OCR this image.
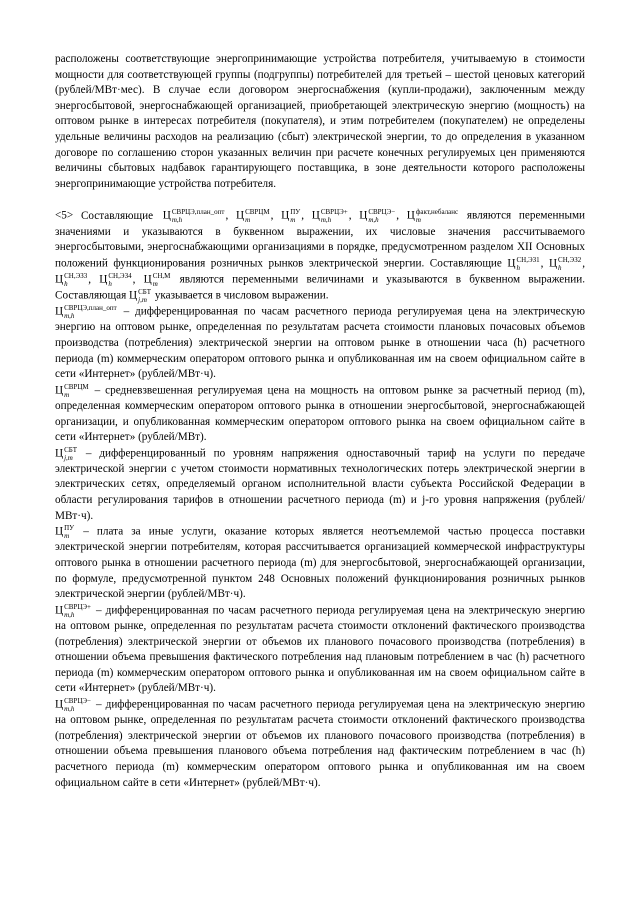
расположены соответствующие энергопринимающие устройства потребителя, учитываемую в стоимости мощности для соответствующей группы (подгруппы) потребителей для третьей – шестой ценовых категорий (рублей/МВт·мес). В случае если договором энергоснабжения (купли-продажи), заключенным между энергосбытовой, энергоснабжающей организацией, приобретающей электрическую энергию (мощность) на оптовом рынке в интересах потребителя (покупателя), и этим потребителем (покупателем) не определены удельные величины расходов на реализацию (сбыт) электрической энергии, то до определения в указанном договоре по соглашению сторон указанных величин при расчете конечных регулируемых цен применяются величины сбытовых надбавок гарантирующего поставщика, в зоне деятельности которого расположены энергопринимающие устройства потребителя.

<5> Составляющие Ц СВРЦЭ,план_опт
m,h	, Ц СВРЦМ
m	, Ц ПУ
m , Ц СВРЦЭ+
m,h	, Ц СВРЦЭ−
m,h	, Ц факт,небаланс
m	являются переменными значениями и указываются в буквенном выражении, их числовые значения рассчитываемого энергосбытовыми, энергоснабжающими организациями в порядке, предусмотренном разделом XII Основных положений функционирования розничных рынков электрической энергии. Составляющие Ц СН,ЭЗ1
h	, Ц СН,ЭЗ2
h	, Ц СН,ЭЗ3
h	, Ц СН,ЭЗ4
h	, Ц СН,М
m	являются переменными величинами и указываются в буквенном выражении. Составляющая Ц СБТ
j,m указывается в числовом выражении.

Ц СВРЦЭ,план_опт
m,h	– дифференцированная по часам расчетного периода регулируемая цена на электрическую энергию на оптовом рынке, определенная по результатам расчета стоимости плановых почасовых объемов производства (потребления) электрической энергии на оптовом рынке в отношении часа (h) расчетного периода (m) коммерческим оператором оптового рынка и опубликованная им на своем официальном сайте в сети «Интернет» (рублей/МВт·ч).

Ц СВРЦМ
m	– средневзвешенная регулируемая цена на мощность на оптовом рынке за расчетный период (m), определенная коммерческим оператором оптового рынка в отношении энергосбытовой, энергоснабжающей организации, и опубликованная коммерческим оператором оптового рынка на своем официальном сайте в сети «Интернет» (рублей/МВт).

Ц СБТ
j,m	– дифференцированный по уровням напряжения одноставочный тариф на услуги по передаче электрической энергии с учетом стоимости нормативных технологических потерь электрической энергии в электрических сетях, определяемый органом исполнительной власти субъекта Российской Федерации в области регулирования тарифов в отношении расчетного периода (m) и j-го уровня напряжения (рублей/МВт·ч).

Ц ПУ
m	– плата за иные услуги, оказание которых является неотъемлемой частью процесса поставки электрической энергии потребителям, которая рассчитывается организацией коммерческой инфраструктуры оптового рынка в отношении расчетного периода (m) для энергосбытовой, энергоснабжающей организации, по формуле, предусмотренной пунктом 248 Основных положений функционирования розничных рынков электрической энергии (рублей/МВт·ч).

Ц СВРЦЭ+
m,h	– дифференцированная по часам расчетного периода регулируемая цена на электрическую энергию на оптовом рынке, определенная по результатам расчета стоимости отклонений фактического производства (потребления) электрической энергии от объемов их планового почасового производства (потребления) в отношении объема превышения фактического потребления над плановым потреблением в час (h) расчетного периода (m) коммерческим оператором оптового рынка и опубликованная им на своем официальном сайте в сети «Интернет» (рублей/МВт·ч).

Ц СВРЦЭ−
m,h	– дифференцированная по часам расчетного периода регулируемая цена на электрическую энергию на оптовом рынке, определенная по результатам расчета стоимости отклонений фактического производства (потребления) электрической энергии от объемов их планового почасового производства (потребления) в отношении объема превышения планового объема потребления над фактическим потреблением в час (h) расчетного периода (m) коммерческим оператором оптового рынка и опубликованная им на своем официальном сайте в сети «Интернет» (рублей/МВт·ч).
